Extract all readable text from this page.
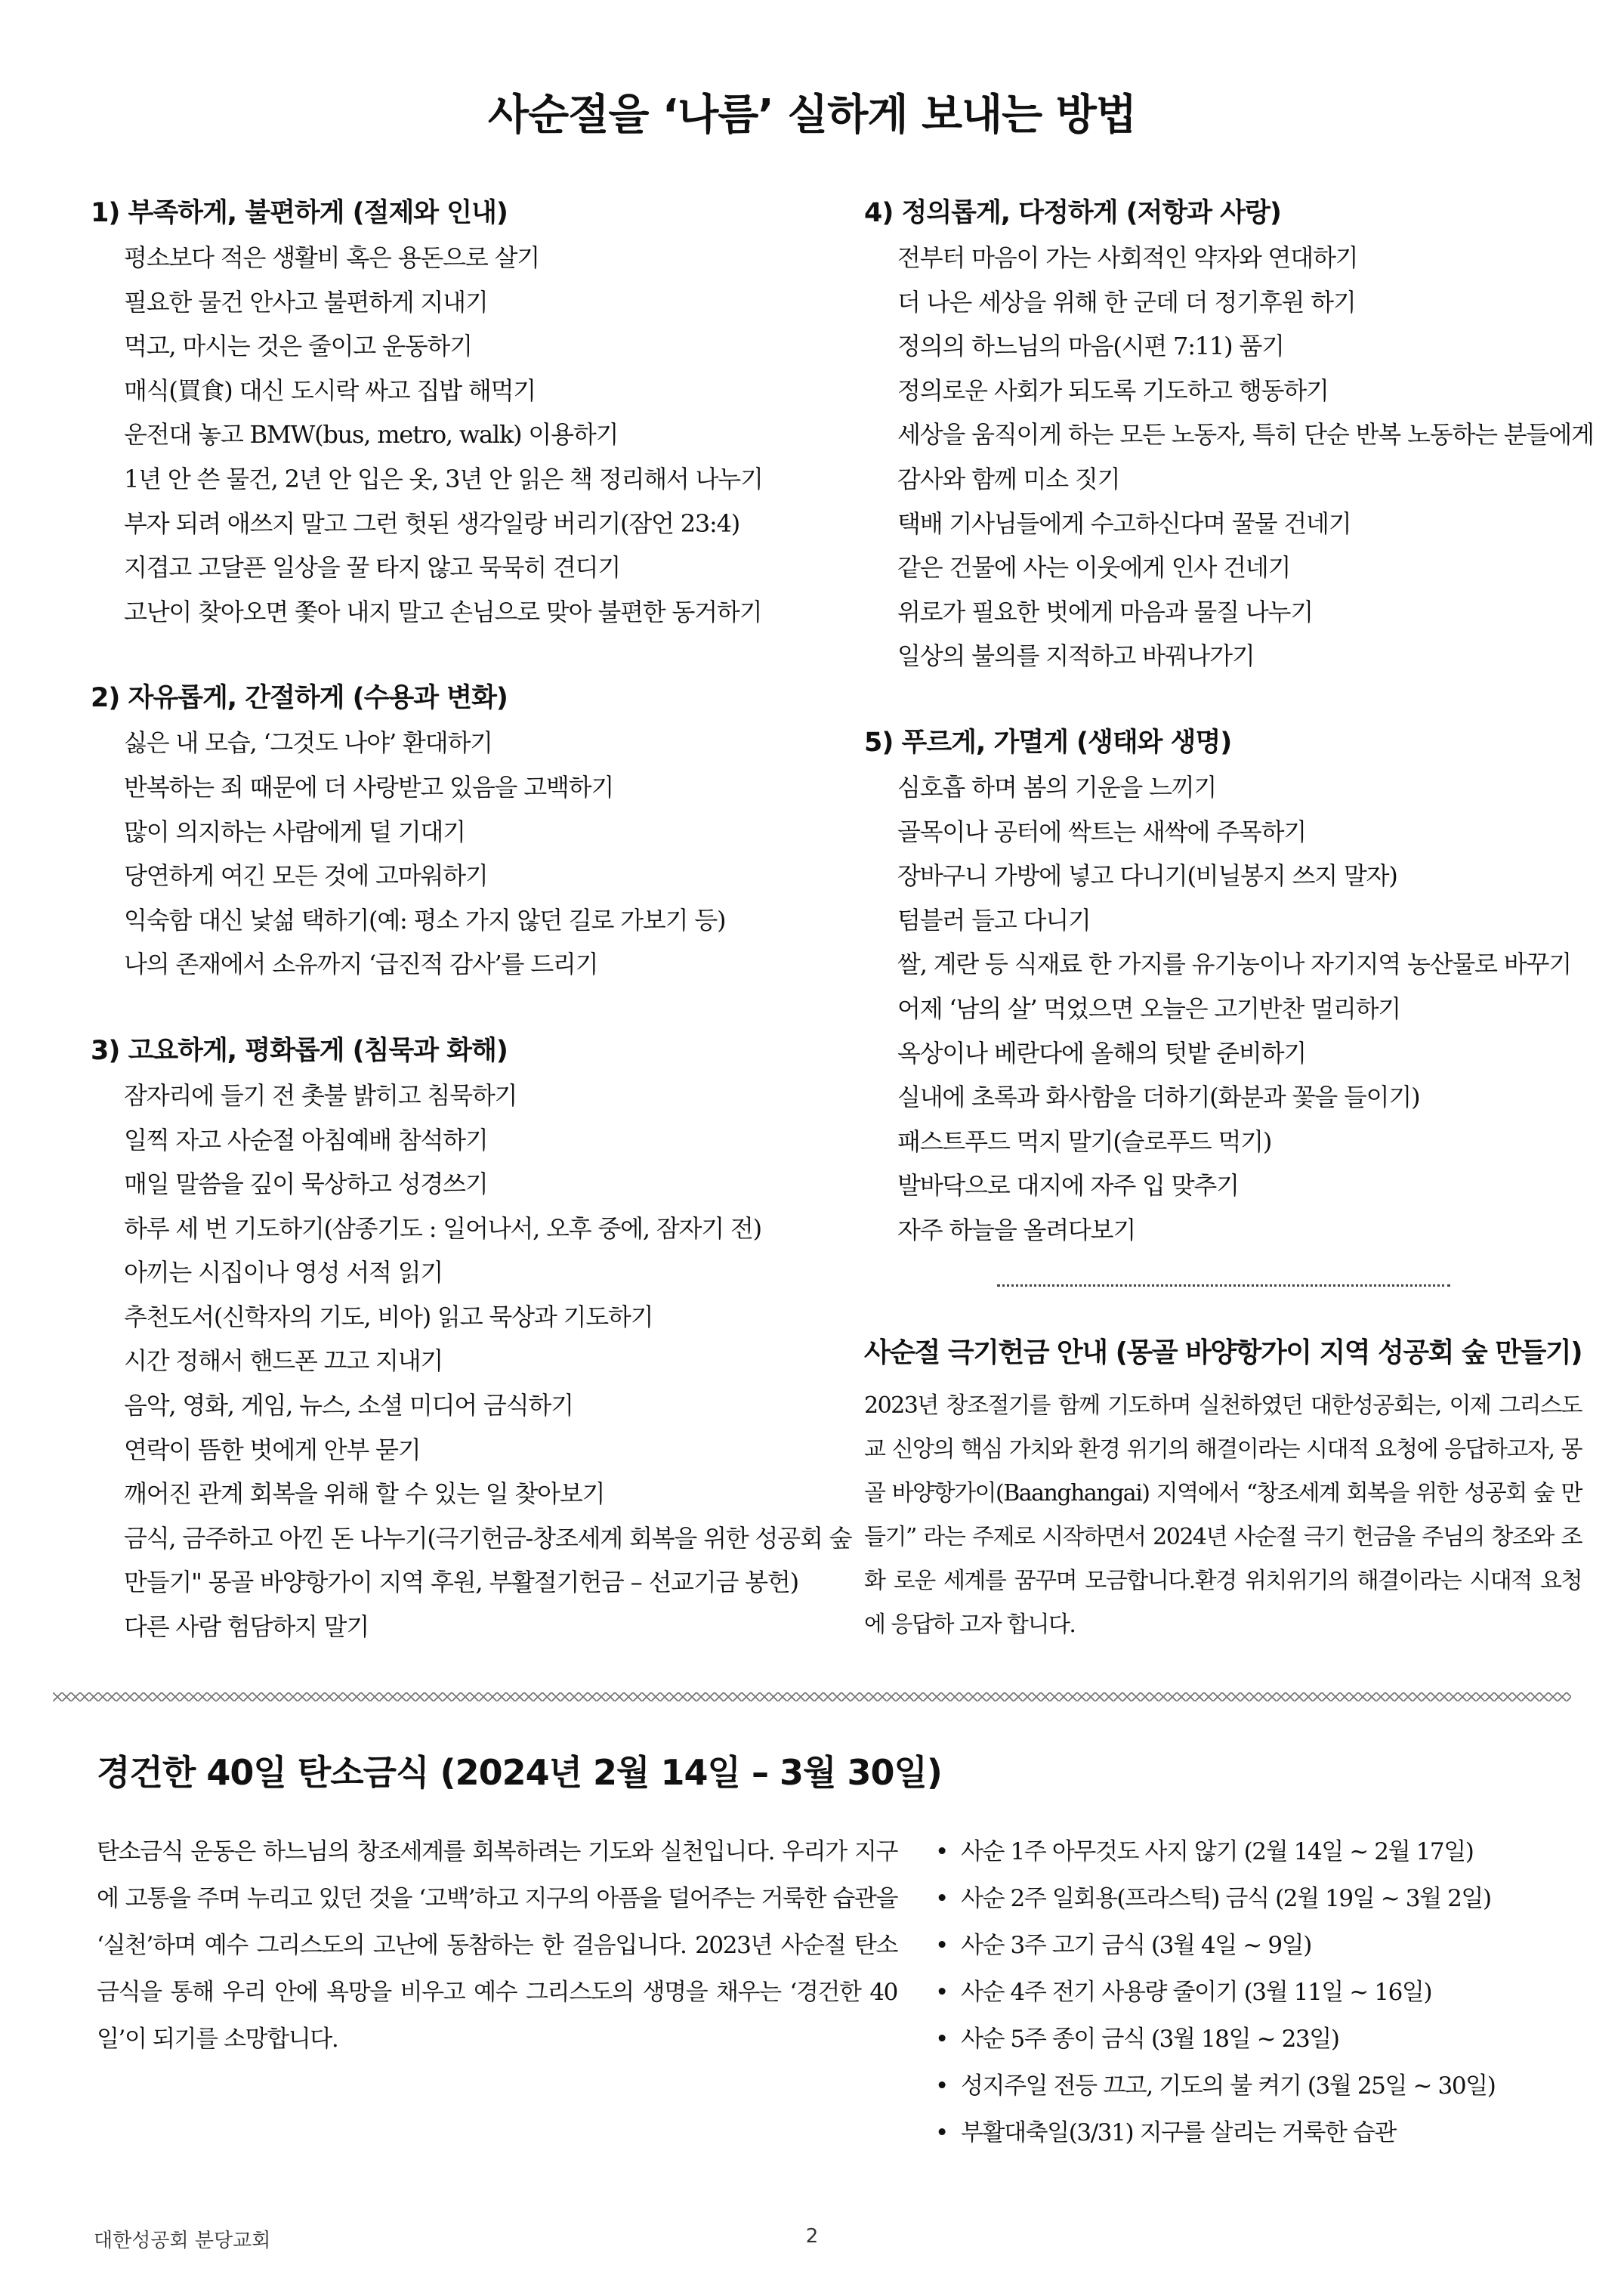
사순절을 ‘나름’ 실하게 보내는 방법
1) 부족하게, 불편하게 (절제와 인내)
평소보다 적은 생활비 혹은 용돈으로 살기
필요한 물건 안사고 불편하게 지내기
먹고, 마시는 것은 줄이고 운동하기
매식(買食) 대신 도시락 싸고 집밥 해먹기
운전대 놓고 BMW(bus, metro, walk) 이용하기
1년 안 쓴 물건, 2년 안 입은 옷, 3년 안 읽은 책 정리해서 나누기
부자 되려 애쓰지 말고 그런 헛된 생각일랑 버리기(잠언 23:4)
지겹고 고달픈 일상을 꿀 타지 않고 묵묵히 견디기
고난이 찾아오면 쫓아 내지 말고 손님으로 맞아 불편한 동거하기
2) 자유롭게, 간절하게 (수용과 변화)
싫은 내 모습, ‘그것도 나야’ 환대하기
반복하는 죄 때문에 더 사랑받고 있음을 고백하기
많이 의지하는 사람에게 덜 기대기
당연하게 여긴 모든 것에 고마워하기
익숙함 대신 낯섦 택하기(예: 평소 가지 않던 길로 가보기 등)
나의 존재에서 소유까지 ‘급진적 감사’를 드리기
3) 고요하게, 평화롭게 (침묵과 화해)
잠자리에 들기 전 촛불 밝히고 침묵하기
일찍 자고 사순절 아침예배 참석하기
매일 말씀을 깊이 묵상하고 성경쓰기
하루 세 번 기도하기(삼종기도 : 일어나서, 오후 중에, 잠자기 전)
아끼는 시집이나 영성 서적 읽기
추천도서(신학자의 기도, 비아) 읽고 묵상과 기도하기
시간 정해서 핸드폰 끄고 지내기
음악, 영화, 게임, 뉴스, 소셜 미디어 금식하기
연락이 뜸한 벗에게 안부 묻기
깨어진 관계 회복을 위해 할 수 있는 일 찾아보기
금식, 금주하고 아낀 돈 나누기(극기헌금-창조세계 회복을 위한 성공회 숲
만들기" 몽골 바양항가이 지역 후원, 부활절기헌금 – 선교기금 봉헌)
다른 사람 험담하지 말기
4) 정의롭게, 다정하게 (저항과 사랑)
전부터 마음이 가는 사회적인 약자와 연대하기
더 나은 세상을 위해 한 군데 더 정기후원 하기
정의의 하느님의 마음(시편 7:11) 품기
정의로운 사회가 되도록 기도하고 행동하기
세상을 움직이게 하는 모든 노동자, 특히 단순 반복 노동하는 분들에게
감사와 함께 미소 짓기
택배 기사님들에게 수고하신다며 꿀물 건네기
같은 건물에 사는 이웃에게 인사 건네기
위로가 필요한 벗에게 마음과 물질 나누기
일상의 불의를 지적하고 바꿔나가기
5) 푸르게, 가멸게 (생태와 생명)
심호흡 하며 봄의 기운을 느끼기
골목이나 공터에 싹트는 새싹에 주목하기
장바구니 가방에 넣고 다니기(비닐봉지 쓰지 말자)
텀블러 들고 다니기
쌀, 계란 등 식재료 한 가지를 유기농이나 자기지역 농산물로 바꾸기
어제 ‘남의 살’ 먹었으면 오늘은 고기반찬 멀리하기
옥상이나 베란다에 올해의 텃밭 준비하기
실내에 초록과 화사함을 더하기(화분과 꽃을 들이기)
패스트푸드 먹지 말기(슬로푸드 먹기)
발바닥으로 대지에 자주 입 맞추기
자주 하늘을 올려다보기
사순절 극기헌금 안내 (몽골 바양항가이 지역 성공회 숲 만들기)
2023년 창조절기를 함께 기도하며 실천하였던 대한성공회는, 이제 그리스도교 신앙의 핵심 가치와 환경 위기의 해결이라는 시대적 요청에 응답하고자, 몽골 바양항가이(Baanghangai) 지역에서 “창조세계 회복을 위한 성공회 숲 만들기” 라는 주제로 시작하면서 2024년 사순절 극기 헌금을 주님의 창조와 조화 로운 세계를 꿈꾸며 모금합니다.환경 위치위기의 해결이라는 시대적 요청에 응답하 고자 합니다.
경건한 40일 탄소금식 (2024년 2월 14일 – 3월 30일)
탄소금식 운동은 하느님의 창조세계를 회복하려는 기도와 실천입니다. 우리가 지구에 고통을 주며 누리고 있던 것을 ‘고백’하고 지구의 아픔을 덜어주는 거룩한 습관을 ‘실천’하며 예수 그리스도의 고난에 동참하는 한 걸음입니다. 2023년 사순절 탄소 금식을 통해 우리 안에 욕망을 비우고 예수 그리스도의 생명을 채우는 ‘경건한 40일’이 되기를 소망합니다.
• 사순 1주 아무것도 사지 않기 (2월 14일 ~ 2월 17일)
• 사순 2주 일회용(프라스틱) 금식 (2월 19일 ~ 3월 2일)
• 사순 3주 고기 금식 (3월 4일 ~ 9일)
• 사순 4주 전기 사용량 줄이기 (3월 11일 ~ 16일)
• 사순 5주 종이 금식 (3월 18일 ~ 23일)
• 성지주일 전등 끄고, 기도의 불 켜기 (3월 25일 ~ 30일)
• 부활대축일(3/31) 지구를 살리는 거룩한 습관
대한성공회 분당교회	2
